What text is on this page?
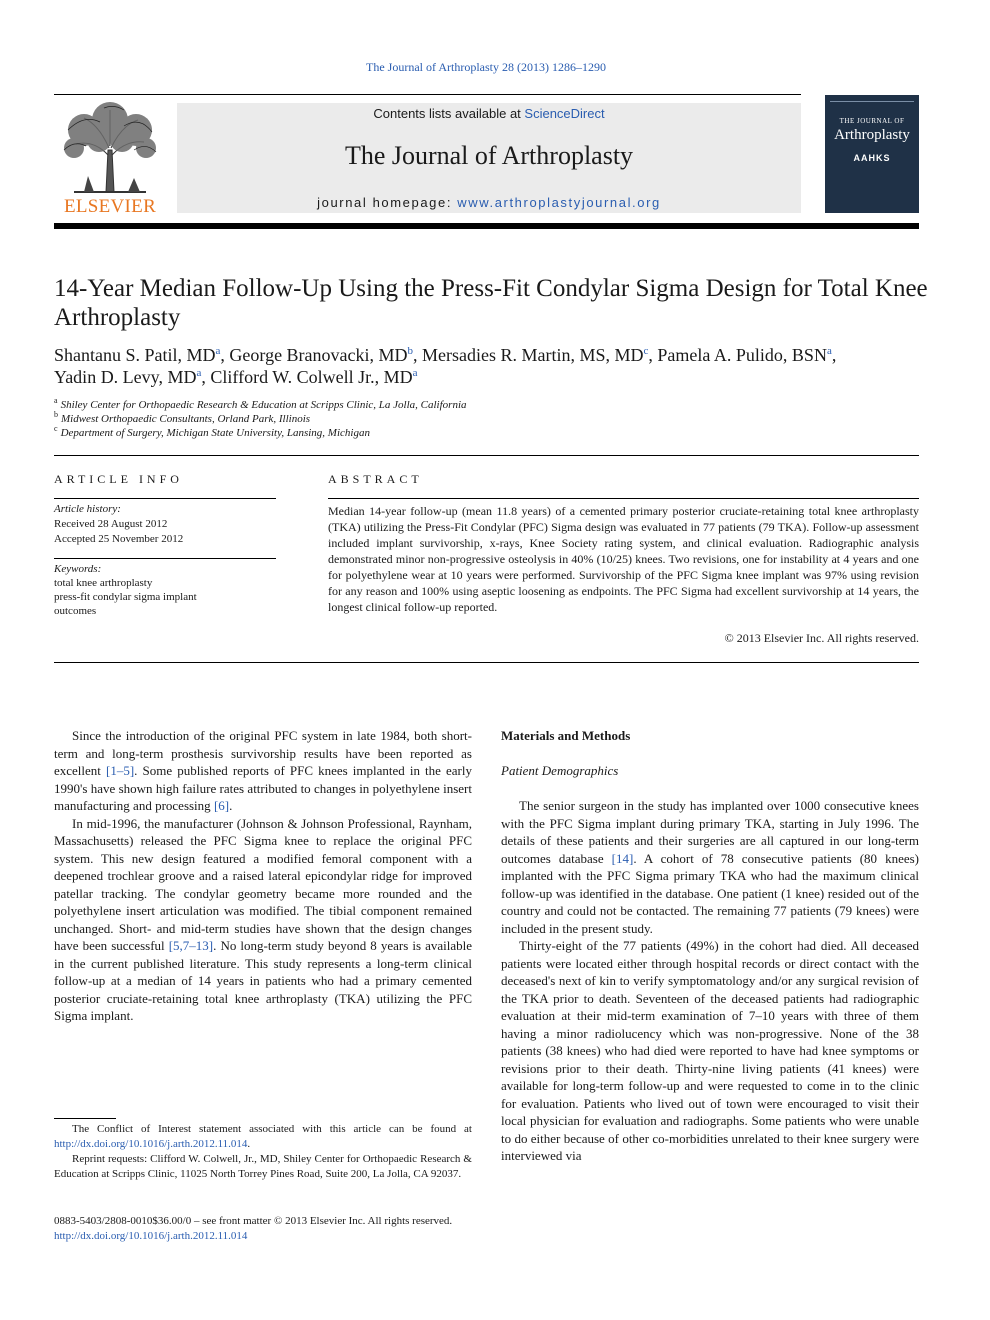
The Journal of Arthroplasty 28 (2013) 1286–1290
ELSEVIER
Contents lists available at ScienceDirect
The Journal of Arthroplasty
journal homepage: www.arthroplastyjournal.org
THE JOURNAL OF
Arthroplasty
AAHKS
14-Year Median Follow-Up Using the Press-Fit Condylar Sigma Design for Total Knee Arthroplasty
Shantanu S. Patil, $MD^a$, George Branovacki, $MD^b$, Mersadies R. Martin, MS, $MD^c$, Pamela A. Pulido, BSN$^a$,
Yadin D. Levy, $MD^a$, Clifford W. Colwell Jr., $MD^a$
$^a$ Shiley Center for Orthopaedic Research & Education at Scripps Clinic, La Jolla, California
$^b$ Midwest Orthopaedic Consultants, Orland Park, Illinois
$^c$ Department of Surgery, Michigan State University, Lansing, Michigan
ARTICLE INFO
Article history:
Received 28 August 2012
Accepted 25 November 2012
Keywords:
total knee arthroplasty
press-fit condylar sigma implant
outcomes
ABSTRACT
Median 14-year follow-up (mean 11.8 years) of a cemented primary posterior cruciate-retaining total knee arthroplasty (TKA) utilizing the Press-Fit Condylar (PFC) Sigma design was evaluated in 77 patients (79 TKA). Follow-up assessment included implant survivorship, x-rays, Knee Society rating system, and clinical evaluation. Radiographic analysis demonstrated minor non-progressive osteolysis in 40% (10/25) knees. Two revisions, one for instability at 4 years and one for polyethylene wear at 10 years were performed. Survivorship of the PFC Sigma knee implant was 97% using revision for any reason and 100% using aseptic loosening as endpoints. The PFC Sigma had excellent survivorship at 14 years, the longest clinical follow-up reported.
© 2013 Elsevier Inc. All rights reserved.

Since the introduction of the original PFC system in late 1984, both short-term and long-term prosthesis survivorship results have been reported as excellent [1–5]. Some published reports of PFC knees implanted in the early 1990's have shown high failure rates attributed to changes in polyethylene insert manufacturing and processing [6].

In mid-1996, the manufacturer (Johnson & Johnson Professional, Raynham, Massachusetts) released the PFC Sigma knee to replace the original PFC system. This new design featured a modified femoral component with a deepened trochlear groove and a raised lateral epicondylar ridge for improved patellar tracking. The condylar geometry became more rounded and the polyethylene insert articulation was modified. The tibial component remained unchanged. Short- and mid-term studies have shown that the design changes have been successful [5,7–13]. No long-term study beyond 8 years is available in the current published literature. This study represents a long-term clinical follow-up at a median of 14 years in patients who had a primary cemented posterior cruciate-retaining total knee arthroplasty (TKA) utilizing the PFC Sigma implant.

Materials and Methods

Patient Demographics

The senior surgeon in the study has implanted over 1000 consecutive knees with the PFC Sigma implant during primary TKA, starting in July 1996. The details of these patients and their surgeries are all captured in our long-term outcomes database [14]. A cohort of 78 consecutive patients (80 knees) implanted with the PFC Sigma primary TKA who had the maximum clinical follow-up was identified in the database. One patient (1 knee) resided out of the country and could not be contacted. The remaining 77 patients (79 knees) were included in the present study.

Thirty-eight of the 77 patients (49%) in the cohort had died. All deceased patients were located either through hospital records or direct contact with the deceased's next of kin to verify symptomatology and/or any surgical revision of the TKA prior to death. Seventeen of the deceased patients had radiographic evaluation at their mid-term examination of 7–10 years with three of them having a minor radiolucency which was non-progressive. None of the 38 patients (38 knees) who had died were reported to have had knee symptoms or revisions prior to their death. Thirty-nine living patients (41 knees) were available for long-term follow-up and were requested to come in to the clinic for evaluation. Patients who lived out of town were encouraged to visit their local physician for evaluation and radiographs. Some patients who were unable to do either because of other co-morbidities unrelated to their knee surgery were interviewed via

The Conflict of Interest statement associated with this article can be found at http://dx.doi.org/10.1016/j.arth.2012.11.014.

Reprint requests: Clifford W. Colwell, Jr., MD, Shiley Center for Orthopaedic Research & Education at Scripps Clinic, 11025 North Torrey Pines Road, Suite 200, La Jolla, CA 92037.

0883-5403/2808-0010$36.00/0 – see front matter © 2013 Elsevier Inc. All rights reserved.
http://dx.doi.org/10.1016/j.arth.2012.11.014
